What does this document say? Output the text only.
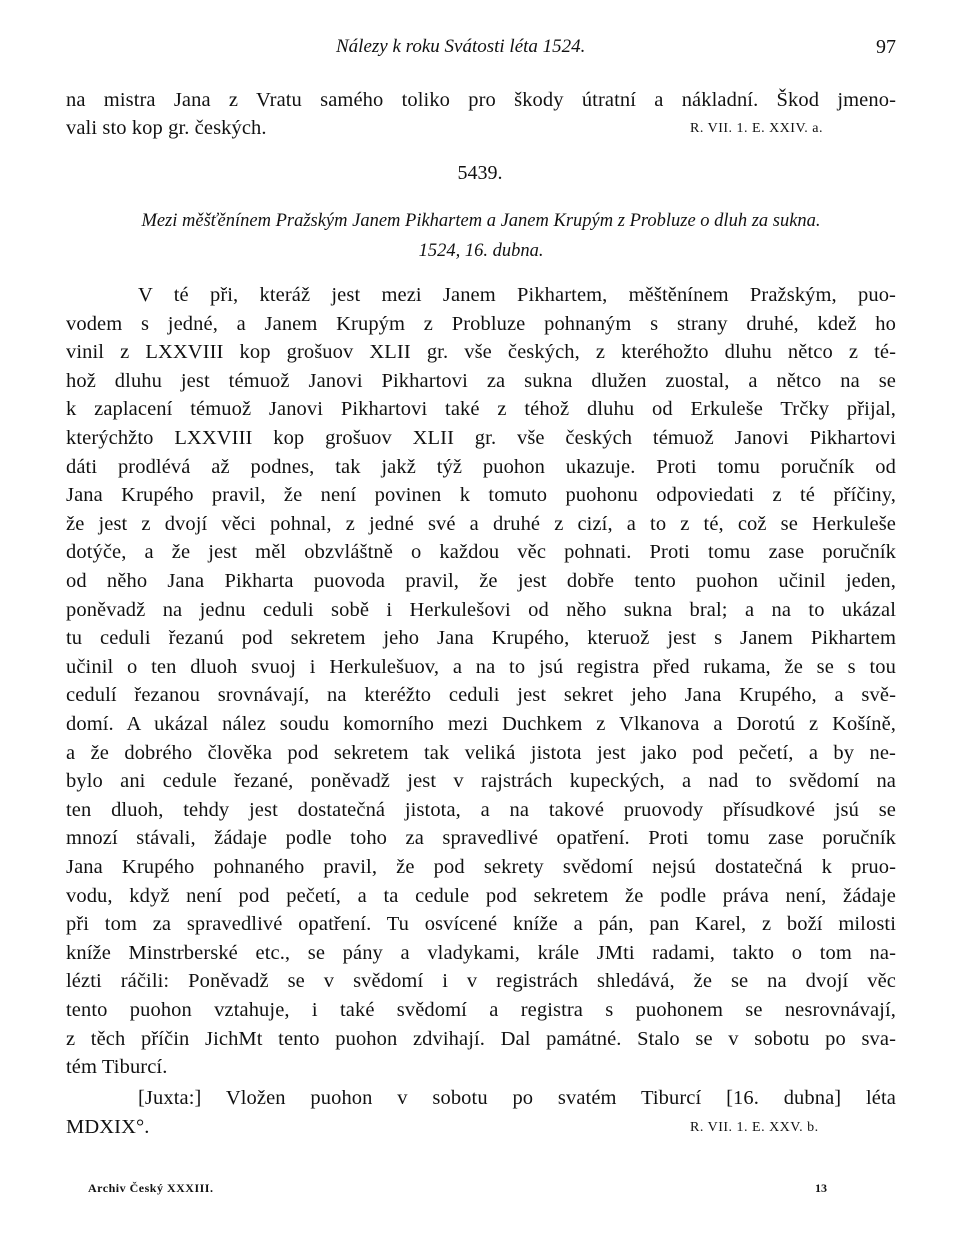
Nálezy k roku Svátosti léta 1524.	97
na mistra Jana z Vratu samého toliko pro škody útratní a nákladní. Škod jmeno-
vali sto kop gr. českých.	R. VII. 1. E. XXIV. a.
5439.
Mezi měšťěnínem Pražským Janem Pikhartem a Janem Krupým z Probluze o dluh za sukna.
1524, 16. dubna.
V té při, kteráž jest mezi Janem Pikhartem, měštěnínem Pražským, puo-
vodem s jedné, a Janem Krupým z Probluze pohnaným s strany druhé, kdež ho
vinil z LXXVIII kop grošuov XLII gr. vše českých, z kteréhožto dluhu nětco z té-
hož dluhu jest témuož Janovi Pikhartovi za sukna dlužen zuostal, a nětco na se
k zaplacení témuož Janovi Pikhartovi také z téhož dluhu od Erkuleše Trčky přijal,
kterýchžto LXXVIII kop grošuov XLII gr. vše českých témuož Janovi Pikhartovi
dáti prodlévá až podnes, tak jakž týž puohon ukazuje. Proti tomu poručník od
Jana Krupého pravil, že není povinen k tomuto puohonu odpoviedati z té příčiny,
že jest z dvojí věci pohnal, z jedné své a druhé z cizí, a to z té, což se Herkuleše
dotýče, a že jest měl obzvláštně o každou věc pohnati. Proti tomu zase poručník
od něho Jana Pikharta puovoda pravil, že jest dobře tento puohon učinil jeden,
poněvadž na jednu ceduli sobě i Herkulešovi od něho sukna bral; a na to ukázal
tu ceduli řezanú pod sekretem jeho Jana Krupého, kteruož jest s Janem Pikhartem
učinil o ten dluoh svuoj i Herkulešuov, a na to jsú registra před rukama, že se s tou
cedulí řezanou srovnávají, na kteréžto ceduli jest sekret jeho Jana Krupého, a svě-
domí. A ukázal nález soudu komorního mezi Duchkem z Vlkanova a Dorotú z Košíně,
a že dobrého člověka pod sekretem tak veliká jistota jest jako pod pečetí, a by ne-
bylo ani cedule řezané, poněvadž jest v rajstrách kupeckých, a nad to svědomí na
ten dluoh, tehdy jest dostatečná jistota, a na takové pruovody přísudkové jsú se
mnozí stávali, žádaje podle toho za spravedlivé opatření. Proti tomu zase poručník
Jana Krupého pohnaného pravil, že pod sekrety svědomí nejsú dostatečná k pruo-
vodu, když není pod pečetí, a ta cedule pod sekretem že podle práva není, žádaje
při tom za spravedlivé opatření. Tu osvícené kníže a pán, pan Karel, z boží milosti
kníže Minstrberské etc., se pány a vladykami, krále JMti radami, takto o tom na-
lézti ráčili: Poněvadž se v svědomí i v registrách shledává, že se na dvojí věc
tento puohon vztahuje, i také svědomí a registra s puohonem se nesrovnávají,
z těch příčin JichMt tento puohon zdvihají. Dal památné. Stalo se v sobotu po sva-
tém Tiburcí.
[Juxta:] Vložen puohon v sobotu po svatém Tiburcí [16. dubna] léta
MDXIX°.	R. VII. 1. E. XXV. b.
Archiv Český XXXIII.	13
